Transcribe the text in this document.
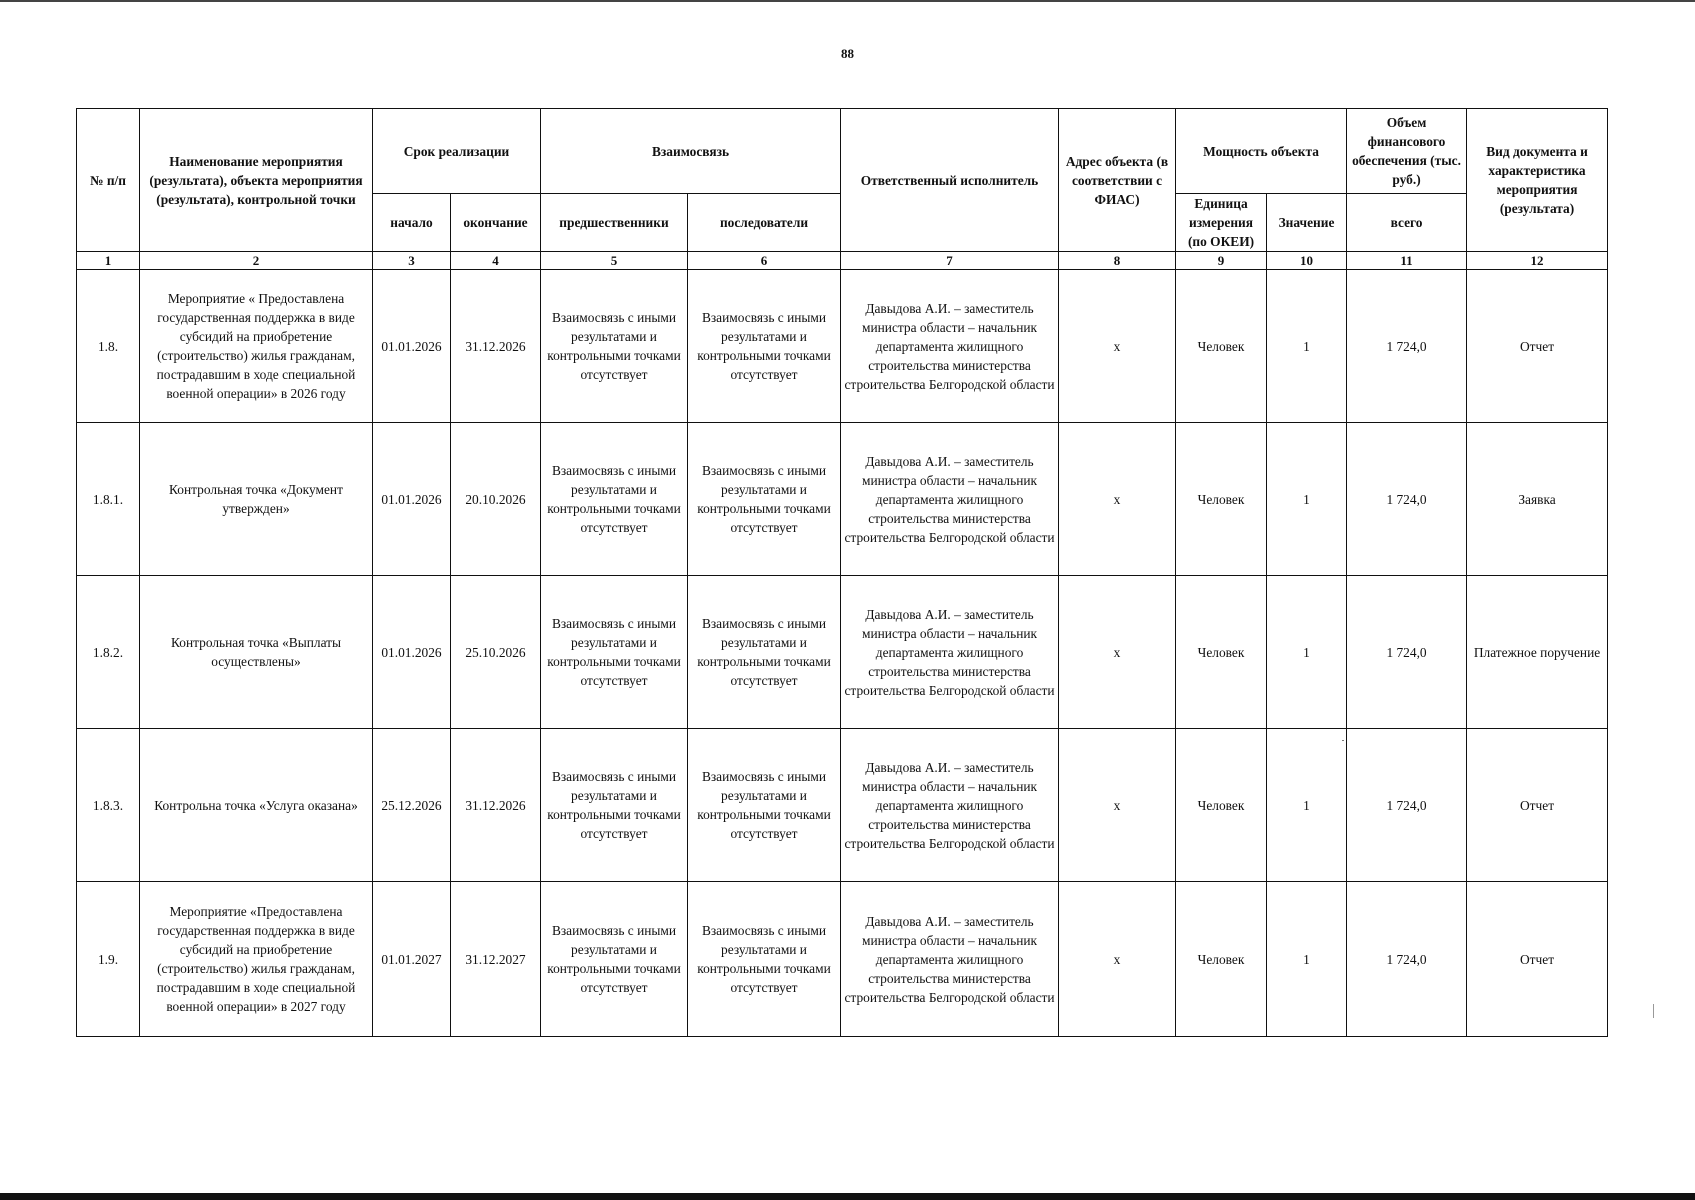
88
№ п/п	Наименование мероприятия (результата), объекта мероприятия (результата), контрольной точки	Срок реализации		Взаимосвязь		Ответственный исполнитель	Адрес объекта (в соответствии с ФИАС)	Мощность объекта		Объем финансового обеспечения (тыс. руб.)	Вид документа и характеристика мероприятия (результата)
		начало	окончание	предшественники	последователи			Единица измерения (по ОКЕИ)	Значение	всего	
1	2	3	4	5	6	7	8	9	10	11	12
1.8.	Мероприятие « Предоставлена государственная поддержка в виде субсидий на приобретение (строительство) жилья гражданам, пострадавшим в ходе специальной военной операции» в 2026 году	01.01.2026	31.12.2026	Взаимосвязь с иными результатами и контрольными точками отсутствует	Взаимосвязь с иными результатами и контрольными точками отсутствует	Давыдова А.И. – заместитель министра области – начальник департамента жилищного строительства министерства строительства Белгородской области	x	Человек	1	1 724,0	Отчет
1.8.1.	Контрольная точка «Документ утвержден»	01.01.2026	20.10.2026	Взаимосвязь с иными результатами и контрольными точками отсутствует	Взаимосвязь с иными результатами и контрольными точками отсутствует	Давыдова А.И. – заместитель министра области – начальник департамента жилищного строительства министерства строительства Белгородской области	x	Человек	1	1 724,0	Заявка
1.8.2.	Контрольная точка «Выплаты осуществлены»	01.01.2026	25.10.2026	Взаимосвязь с иными результатами и контрольными точками отсутствует	Взаимосвязь с иными результатами и контрольными точками отсутствует	Давыдова А.И. – заместитель министра области – начальник департамента жилищного строительства министерства строительства Белгородской области	x	Человек	1	1 724,0	Платежное поручение
1.8.3.	Контрольна точка «Услуга оказана»	25.12.2026	31.12.2026	Взаимосвязь с иными результатами и контрольными точками отсутствует	Взаимосвязь с иными результатами и контрольными точками отсутствует	Давыдова А.И. – заместитель министра области – начальник департамента жилищного строительства министерства строительства Белгородской области	x	Человек	1	1 724,0	Отчет
1.9.	Мероприятие «Предоставлена государственная поддержка в виде субсидий на приобретение (строительство) жилья гражданам, пострадавшим в ходе специальной военной операции» в 2027 году	01.01.2027	31.12.2027	Взаимосвязь с иными результатами и контрольными точками отсутствует	Взаимосвязь с иными результатами и контрольными точками отсутствует	Давыдова А.И. – заместитель министра области – начальник департамента жилищного строительства министерства строительства Белгородской области	x	Человек	1	1 724,0	Отчет
